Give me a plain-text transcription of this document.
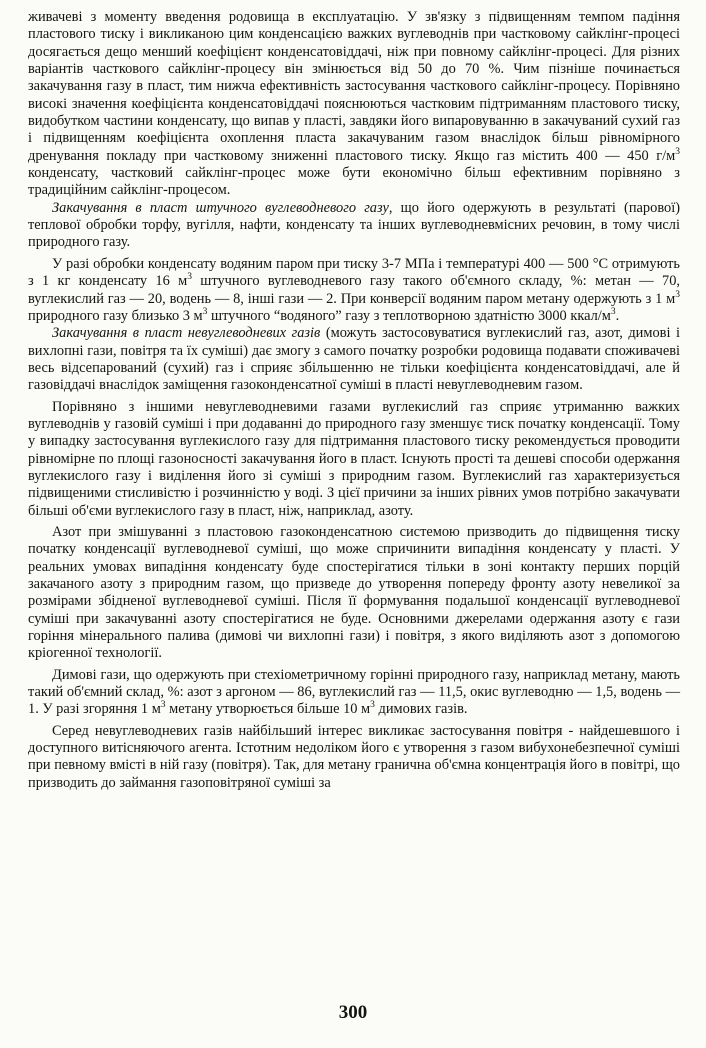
живачеві з моменту введення родовища в експлуатацію. У зв'язку з підвищенням темпом падіння пластового тиску і викликаною цим конденсацією важких вуглеводнів при частковому сайклінг-процесі досягається дещо менший коефіцієнт конденсатовіддачі, ніж при повному сайклінг-процесі. Для різних варіантів часткового сайклінг-процесу він змінюється від 50 до 70 %. Чим пізніше починається закачування газу в пласт, тим нижча ефективність застосування часткового сайклінг-процесу. Порівняно високі значення коефіцієнта конденсатовіддачі пояснюються частковим підтриманням пластового тиску, видобутком частини конденсату, що випав у пласті, завдяки його випаровуванню в закачуваний сухий газ і підвищенням коефіцієнта охоплення пласта закачуваним газом внаслідок більш рівномірного дренування покладу при частковому зниженні пластового тиску. Якщо газ містить 400 — 450 $г/м^3$ конденсату, частковий сайклінг-процес може бути економічно більш ефективним порівняно з традиційним сайклінг-процесом.

Закачування в пласт штучного вуглеводневого газу, що його одержують в результаті (парової) теплової обробки торфу, вугілля, нафти, конденсату та інших вуглеводневмісних речовин, в тому числі природного газу.

У разі обробки конденсату водяним паром при тиску 3-7 МПа і температурі 400 — 500 °С отримують з 1 кг конденсату 16 $м^3$ штучного вуглеводневого газу такого об'ємного складу, %: метан — 70, вуглекислий газ — 20, водень — 8, інші гази — 2. При конверсії водяним паром метану одержують з 1 $м^3$ природного газу близько 3 $м^3$ штучного “водяного” газу з теплотворною здатністю 3000 ккал/$м^3$.

Закачування в пласт невуглеводневих газів (можуть застосовуватися вуглекислий газ, азот, димові і вихлопні гази, повітря та їх суміші) дає змогу з самого початку розробки родовища подавати споживачеві весь відсепарований (сухий) газ і сприяє збільшенню не тільки коефіцієнта конденсатовіддачі, але й газовіддачі внаслідок заміщення газоконденсатної суміші в пласті невуглеводневим газом.

Порівняно з іншими невуглеводневими газами вуглекислий газ сприяє утриманню важких вуглеводнів у газовій суміші і при додаванні до природного газу зменшує тиск початку конденсації. Тому у випадку застосування вуглекислого газу для підтримання пластового тиску рекомендується проводити рівномірне по площі газоносності закачування його в пласт. Існують прості та дешеві способи одержання вуглекислого газу і виділення його зі суміші з природним газом. Вуглекислий газ характеризується підвищеними стисливістю і розчинністю у воді. З цієї причини за інших рівних умов потрібно закачувати більші об'єми вуглекислого газу в пласт, ніж, наприклад, азоту.

Азот при змішуванні з пластовою газоконденсатною системою призводить до підвищення тиску початку конденсації вуглеводневої суміші, що може спричинити випадіння конденсату у пласті. У реальних умовах випадіння конденсату буде спостерігатися тільки в зоні контакту перших порцій закачаного азоту з природним газом, що призведе до утворення попереду фронту азоту невеликої за розмірами збідненої вуглеводневої суміші. Після її формування подальшої конденсації вуглеводневої суміші при закачуванні азоту спостерігатися не буде. Основними джерелами одержання азоту є гази горіння мінерального палива (димові чи вихлопні гази) і повітря, з якого виділяють азот з допомогою кріогенної технології.

Димові гази, що одержують при стехіометричному горінні природного газу, наприклад метану, мають такий об'ємний склад, %: азот з аргоном — 86, вуглекислий газ — 11,5, окис вуглеводню — 1,5, водень — 1. У разі згоряння 1 $м^3$ метану утворюється більше 10 $м^3$ димових газів.

Серед невуглеводневих газів найбільший інтерес викликає застосування повітря - найдешевшого і доступного витісняючого агента. Істотним недоліком його є утворення з газом вибухонебезпечної суміші при певному вмісті в ній газу (повітря). Так, для метану гранична об'ємна концентрація його в повітрі, що призводить до займання газоповітряної суміші за

300
